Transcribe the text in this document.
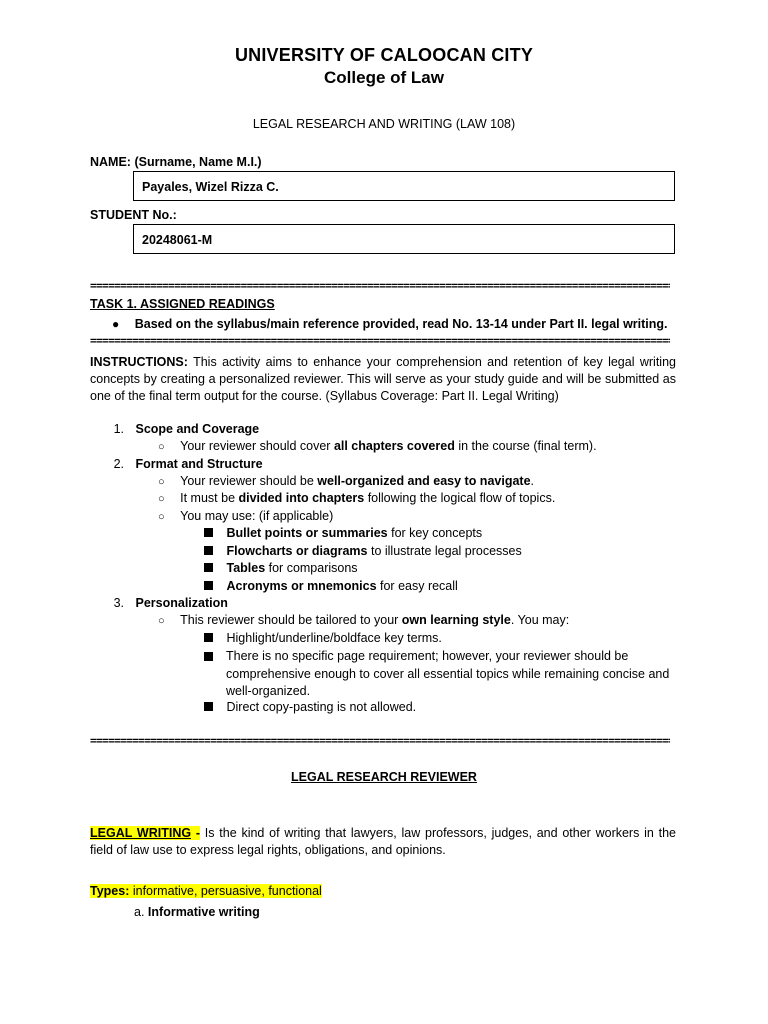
UNIVERSITY OF CALOOCAN CITY
College of Law
LEGAL RESEARCH AND WRITING (LAW 108)
NAME: (Surname, Name M.I.)
Payales, Wizel Rizza C.
STUDENT No.:
20248061-M
=====
TASK 1. ASSIGNED READINGS
● Based on the syllabus/main reference provided, read No. 13-14 under Part II. legal writing.
=====
INSTRUCTIONS: This activity aims to enhance your comprehension and retention of key legal writing concepts by creating a personalized reviewer. This will serve as your study guide and will be submitted as one of the final term output for the course. (Syllabus Coverage: Part II. Legal Writing)
1. Scope and Coverage
○ Your reviewer should cover all chapters covered in the course (final term).
2. Format and Structure
○ Your reviewer should be well-organized and easy to navigate.
○ It must be divided into chapters following the logical flow of topics.
○ You may use: (if applicable)
Bullet points or summaries for key concepts
Flowcharts or diagrams to illustrate legal processes
Tables for comparisons
Acronyms or mnemonics for easy recall
3. Personalization
○ This reviewer should be tailored to your own learning style. You may:
Highlight/underline/boldface key terms.
There is no specific page requirement; however, your reviewer should be comprehensive enough to cover all essential topics while remaining concise and well-organized.
Direct copy-pasting is not allowed.
=====
LEGAL RESEARCH REVIEWER
LEGAL WRITING - Is the kind of writing that lawyers, law professors, judges, and other workers in the field of law use to express legal rights, obligations, and opinions.
Types: informative, persuasive, functional
a. Informative writing
